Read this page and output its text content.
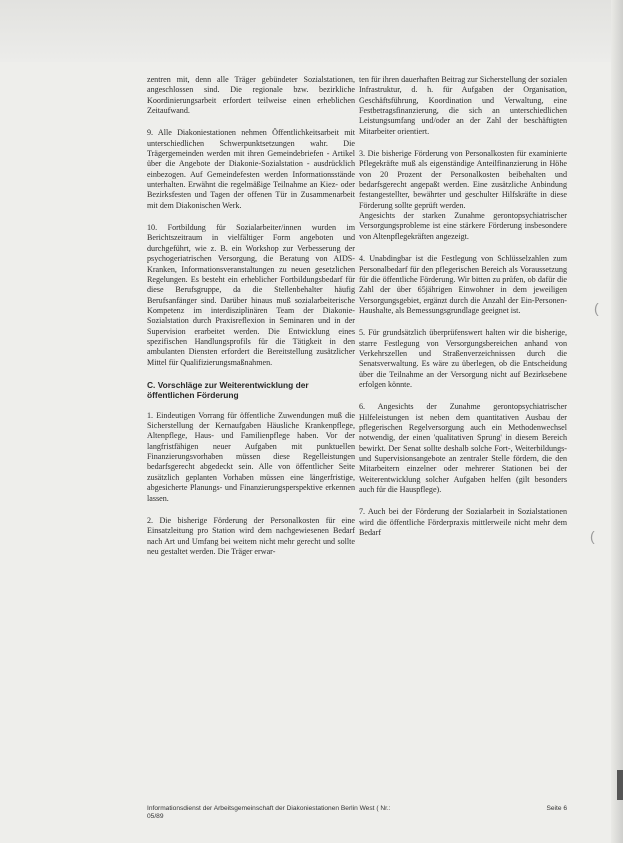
(
(

zentren mit, denn alle Träger gebündeter Sozialstationen, angeschlossen sind. Die regionale bzw. bezirkliche Koordinierungsarbeit erfordert teilweise einen erheblichen Zeitaufwand.

9. Alle Diakoniestationen nehmen Öffentlichkeitsarbeit mit unterschiedlichen Schwerpunktsetzungen wahr. Die Trägergemeinden werden mit ihren Gemeindebriefen - Artikel über die Angebote der Diakonie-Sozialstation - ausdrücklich einbezogen. Auf Gemeindefesten werden Informationsstände unterhalten. Erwähnt die regelmäßige Teilnahme an Kiez- oder Bezirksfesten und Tagen der offenen Tür in Zusammenarbeit mit dem Diakonischen Werk.

10. Fortbildung für Sozialarbeiter/innen wurden im Berichtszeitraum in vielfältiger Form angeboten und durchgeführt, wie z. B. ein Workshop zur Verbesserung der psychogeriatrischen Versorgung, die Beratung von AIDS-Kranken, Informationsveranstaltungen zu neuen gesetzlichen Regelungen. Es besteht ein erheblicher Fortbildungsbedarf für diese Berufsgruppe, da die Stellenbehalter häufig Berufsanfänger sind. Darüber hinaus muß sozialarbeiterische Kompetenz im interdisziplinären Team der Diakonie-Sozialstation durch Praxisreflexion in Seminaren und in der Supervision erarbeitet werden. Die Entwicklung eines spezifischen Handlungsprofils für die Tätigkeit in den ambulanten Diensten erfordert die Bereitstellung zusätzlicher Mittel für Qualifizierungsmaßnahmen.

C. Vorschläge zur Weiterentwicklung der öffentlichen Förderung

1. Eindeutigen Vorrang für öffentliche Zuwendungen muß die Sicherstellung der Kernaufgaben Häusliche Krankenpflege, Altenpflege, Haus- und Familienpflege haben. Vor der langfristfähigen neuer Aufgaben mit punktuellen Finanzierungsvorhaben müssen diese Regelleistungen bedarfsgerecht abgedeckt sein. Alle von öffentlicher Seite zusätzlich geplanten Vorhaben müssen eine längerfristige, abgesicherte Planungs- und Finanzierungsperspektive erkennen lassen.

2. Die bisherige Förderung der Personalkosten für eine Einsatzleitung pro Station wird dem nachgewiesenen Bedarf nach Art und Umfang bei weitem nicht mehr gerecht und sollte neu gestaltet werden. Die Träger erwar-

ten für ihren dauerhaften Beitrag zur Sicherstellung der sozialen Infrastruktur, d. h. für Aufgaben der Organisation, Geschäftsführung, Koordination und Verwaltung, eine Festbetragsfinanzierung, die sich an unterschiedlichen Leistungsumfang und/oder an der Zahl der beschäftigten Mitarbeiter orientiert.

3. Die bisherige Förderung von Personalkosten für examinierte Pflegekräfte muß als eigenständige Anteilfinanzierung in Höhe von 20 Prozent der Personalkosten beibehalten und bedarfsgerecht angepaßt werden. Eine zusätzliche Anbindung festangestellter, bewährter und geschulter Hilfskräfte in diese Förderung sollte geprüft werden.

Angesichts der starken Zunahme gerontopsychiatrischer Versorgungsprobleme ist eine stärkere Förderung insbesondere von Altenpflegekräften angezeigt.

4. Unabdingbar ist die Festlegung von Schlüsselzahlen zum Personalbedarf für den pflegerischen Bereich als Voraussetzung für die öffentliche Förderung. Wir bitten zu prüfen, ob dafür die Zahl der über 65jährigen Einwohner in dem jeweiligen Versorgungsgebiet, ergänzt durch die Anzahl der Ein-Personen-Haushalte, als Bemessungsgrundlage geeignet ist.

5. Für grundsätzlich überprüfenswert halten wir die bisherige, starre Festlegung von Versorgungsbereichen anhand von Verkehrszellen und Straßenverzeichnissen durch die Senatsverwaltung. Es wäre zu überlegen, ob die Entscheidung über die Teilnahme an der Versorgung nicht auf Bezirksebene erfolgen könnte.

6. Angesichts der Zunahme gerontopsychiatrischer Hilfeleistungen ist neben dem quantitativen Ausbau der pflegerischen Regelversorgung auch ein Methodenwechsel notwendig, der einen 'qualitativen Sprung' in diesem Bereich bewirkt. Der Senat sollte deshalb solche Fort-, Weiterbildungs- und Supervisionsangebote an zentraler Stelle fördern, die den Mitarbeitern einzelner oder mehrerer Stationen bei der Weiterentwicklung solcher Aufgaben helfen (gilt besonders auch für die Hauspflege).

7. Auch bei der Förderung der Sozialarbeit in Sozialstationen wird die öffentliche Förderpraxis mittlerweile nicht mehr dem Bedarf

Informationsdienst der Arbeitsgemeinschaft der Diakoniestationen Berlin West ( Nr.: 05/89
Seite 6
